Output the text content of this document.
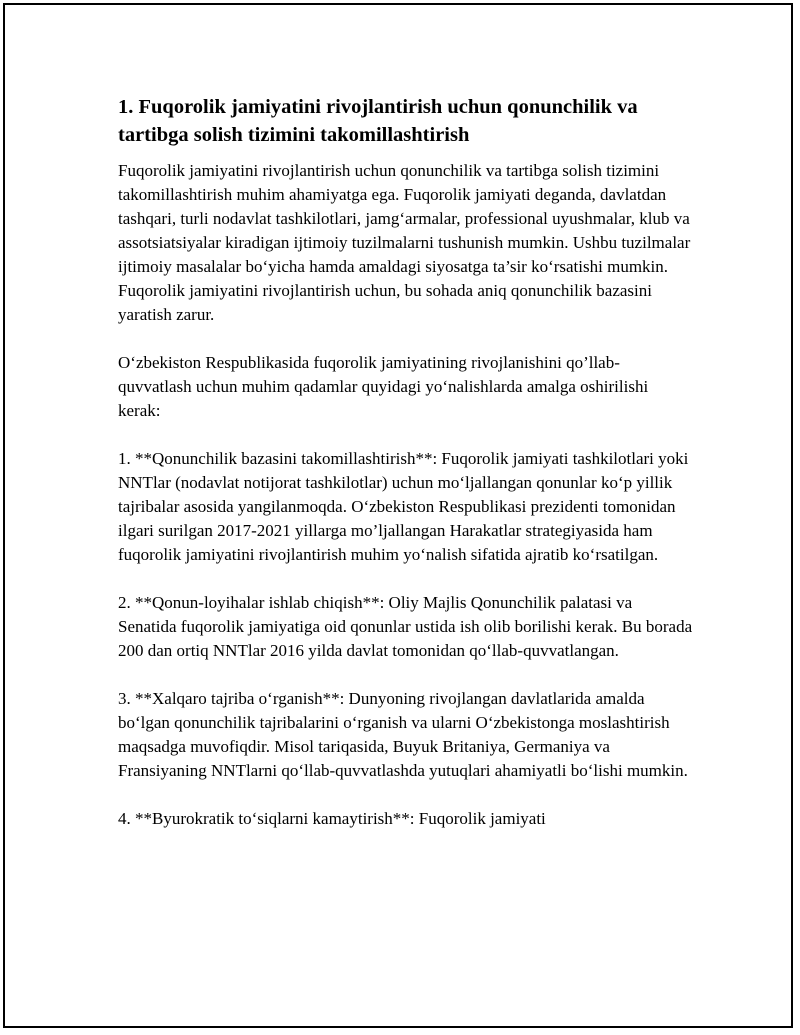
1. Fuqorolik jamiyatini rivojlantirish uchun qonunchilik va tartibga solish tizimini takomillashtirish

Fuqorolik jamiyatini rivojlantirish uchun qonunchilik va tartibga solish tizimini takomillashtirish muhim ahamiyatga ega. Fuqorolik jamiyati deganda, davlatdan tashqari, turli nodavlat tashkilotlari, jamg‘armalar, professional uyushmalar, klub va assotsiatsiyalar kiradigan ijtimoiy tuzilmalarni tushunish mumkin. Ushbu tuzilmalar ijtimoiy masalalar bo‘yicha hamda amaldagi siyosatga ta’sir ko‘rsatishi mumkin. Fuqorolik jamiyatini rivojlantirish uchun, bu sohada aniq qonunchilik bazasini yaratish zarur.

O‘zbekiston Respublikasida fuqorolik jamiyatining rivojlanishini qo’llab-quvvatlash uchun muhim qadamlar quyidagi yo‘nalishlarda amalga oshirilishi kerak:

1. **Qonunchilik bazasini takomillashtirish**: Fuqorolik jamiyati tashkilotlari yoki NNTlar (nodavlat notijorat tashkilotlar) uchun mo‘ljallangan qonunlar ko‘p yillik tajribalar asosida yangilanmoqda. O‘zbekiston Respublikasi prezidenti tomonidan ilgari surilgan 2017-2021 yillarga mo’ljallangan Harakatlar strategiyasida ham fuqorolik jamiyatini rivojlantirish muhim yo‘nalish sifatida ajratib ko‘rsatilgan.

2. **Qonun-loyihalar ishlab chiqish**: Oliy Majlis Qonunchilik palatasi va Senatida fuqorolik jamiyatiga oid qonunlar ustida ish olib borilishi kerak. Bu borada 200 dan ortiq NNTlar 2016 yilda davlat tomonidan qo‘llab-quvvatlangan.

3. **Xalqaro tajriba o‘rganish**: Dunyoning rivojlangan davlatlarida amalda bo‘lgan qonunchilik tajribalarini o‘rganish va ularni O‘zbekistonga moslashtirish maqsadga muvofiqdir. Misol tariqasida, Buyuk Britaniya, Germaniya va Fransiyaning NNTlarni qo‘llab-quvvatlashda yutuqlari ahamiyatli bo‘lishi mumkin.

4. **Byurokratik to‘siqlarni kamaytirish**: Fuqorolik jamiyati
